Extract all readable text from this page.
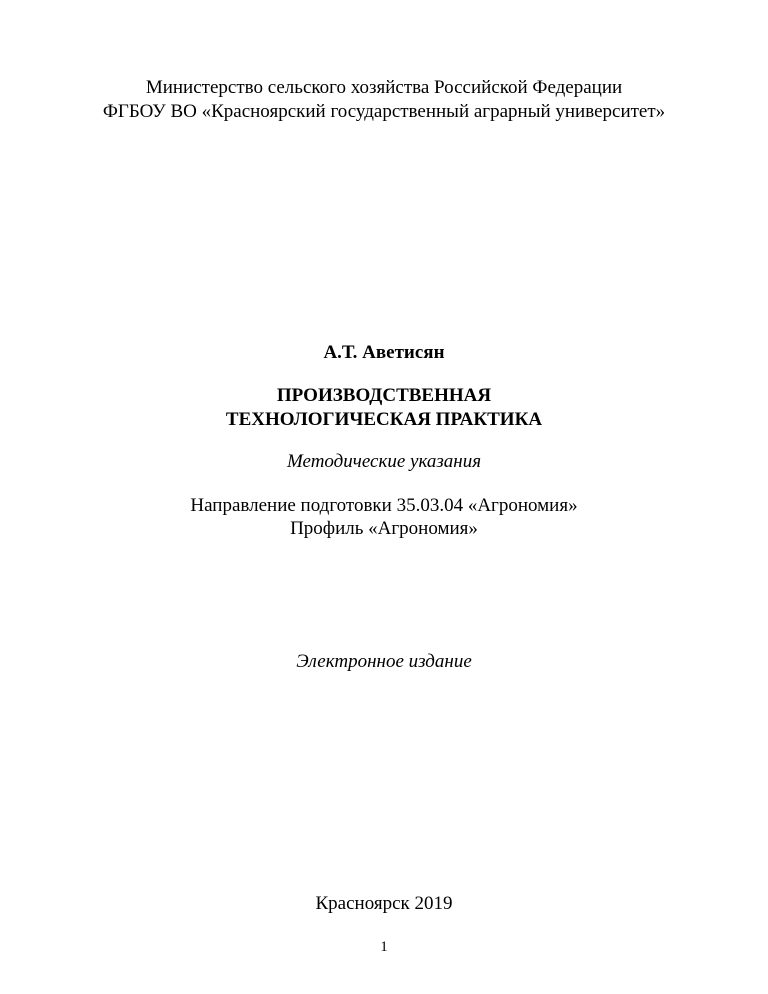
Министерство сельского хозяйства Российской Федерации
ФГБОУ ВО «Красноярский государственный аграрный университет»
А.Т. Аветисян
ПРОИЗВОДСТВЕННАЯ
ТЕХНОЛОГИЧЕСКАЯ ПРАКТИКА
Методические указания
Направление подготовки 35.03.04 «Агрономия»
Профиль «Агрономия»
Электронное издание
Красноярск 2019
1
